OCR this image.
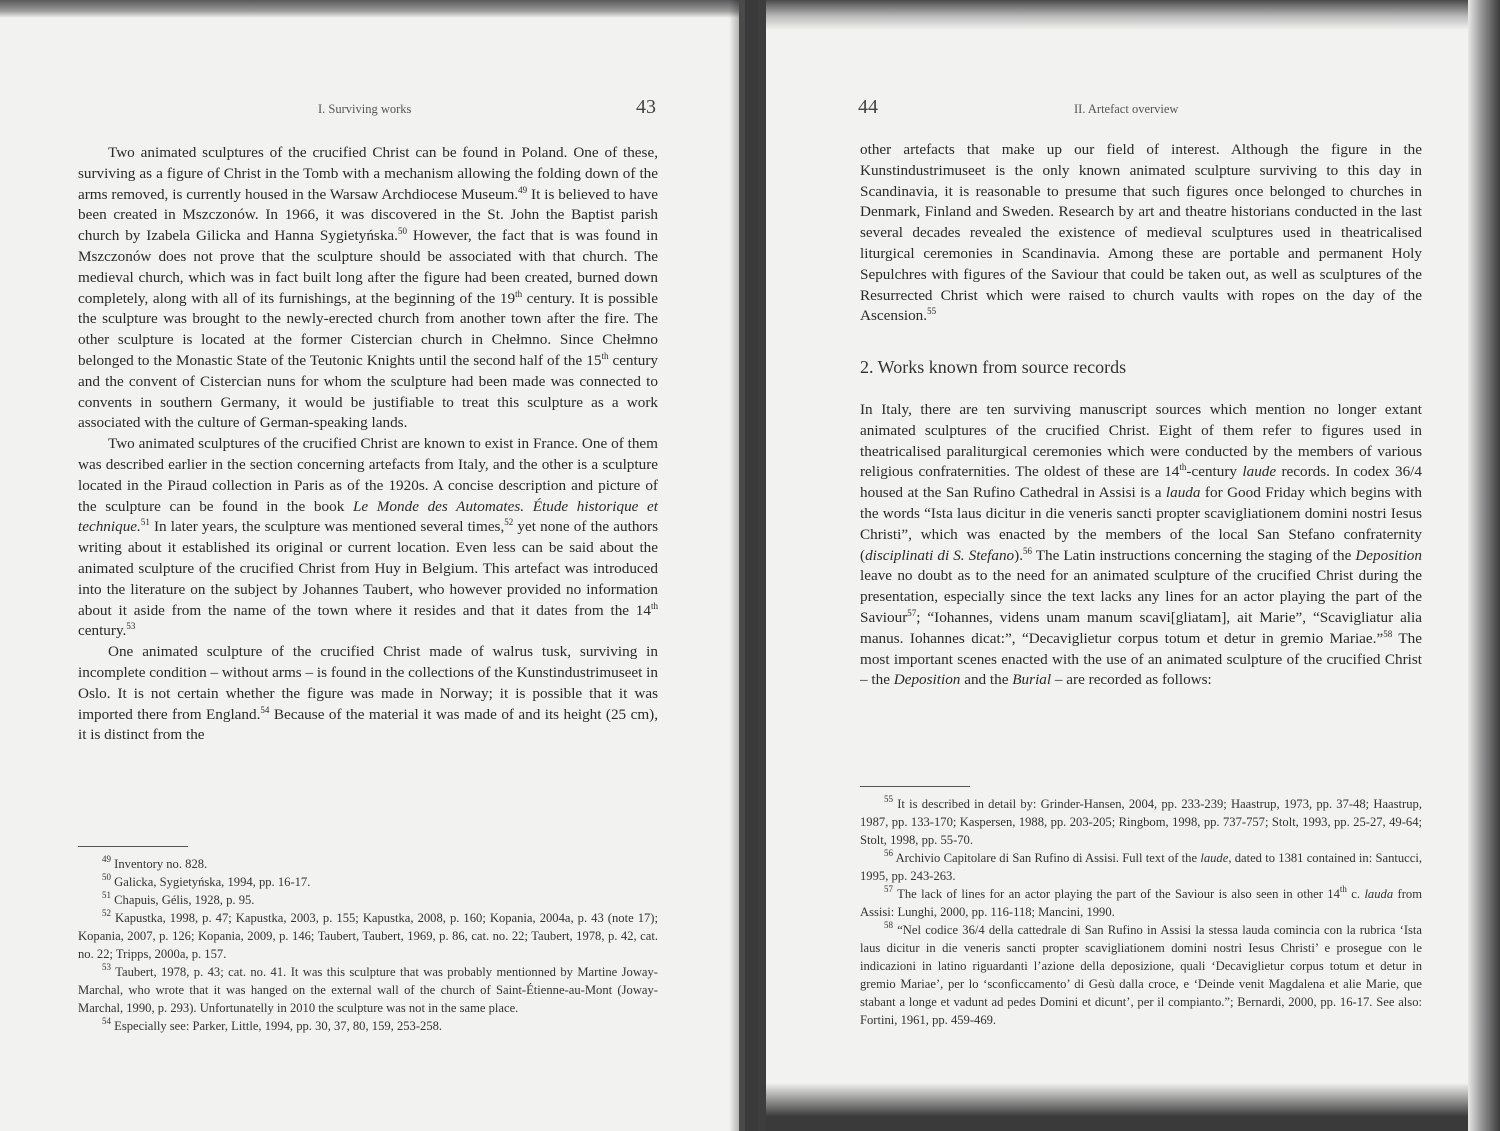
I. Surviving works	43

Two animated sculptures of the crucified Christ can be found in Poland. One of these, surviving as a figure of Christ in the Tomb with a mechanism allowing the folding down of the arms removed, is currently housed in the Warsaw Archdiocese Museum.$^{49}$ It is believed to have been created in Mszczonów. In 1966, it was discovered in the St. John the Baptist parish church by Izabela Gilicka and Hanna Sygietyńska.$^{50}$ However, the fact that is was found in Mszczonów does not prove that the sculpture should be associated with that church. The medieval church, which was in fact built long after the figure had been created, burned down completely, along with all of its furnishings, at the beginning of the 19th century. It is possible the sculpture was brought to the newly-erected church from another town after the fire. The other sculpture is located at the former Cistercian church in Chełmno. Since Chełmno belonged to the Monastic State of the Teutonic Knights until the second half of the 15th century and the convent of Cistercian nuns for whom the sculpture had been made was connected to convents in southern Germany, it would be justifiable to treat this sculpture as a work associated with the culture of German-speaking lands.

Two animated sculptures of the crucified Christ are known to exist in France. One of them was described earlier in the section concerning artefacts from Italy, and the other is a sculpture located in the Piraud collection in Paris as of the 1920s. A concise description and picture of the sculpture can be found in the book Le Monde des Automates. Étude historique et technique.$^{51}$ In later years, the sculpture was mentioned several times,$^{52}$ yet none of the authors writing about it established its original or current location. Even less can be said about the animated sculpture of the crucified Christ from Huy in Belgium. This artefact was introduced into the literature on the subject by Johannes Taubert, who however provided no information about it aside from the name of the town where it resides and that it dates from the 14th century.$^{53}$

One animated sculpture of the crucified Christ made of walrus tusk, surviving in incomplete condition – without arms – is found in the collections of the Kunstindustrimuseet in Oslo. It is not certain whether the figure was made in Norway; it is possible that it was imported there from England.$^{54}$ Because of the material it was made of and its height (25 cm), it is distinct from the

$^{49}$ Inventory no. 828.

$^{50}$ Galicka, Sygietyńska, 1994, pp. 16-17.

$^{51}$ Chapuis, Gélis, 1928, p. 95.

$^{52}$ Kapustka, 1998, p. 47; Kapustka, 2003, p. 155; Kapustka, 2008, p. 160; Kopania, 2004a, p. 43 (note 17); Kopania, 2007, p. 126; Kopania, 2009, p. 146; Taubert, Taubert, 1969, p. 86, cat. no. 22; Taubert, 1978, p. 42, cat. no. 22; Tripps, 2000a, p. 157.

$^{53}$ Taubert, 1978, p. 43; cat. no. 41. It was this sculpture that was probably mentionned by Martine Joway-Marchal, who wrote that it was hanged on the external wall of the church of Saint-Étienne-au-Mont (Joway-Marchal, 1990, p. 293). Unfortunatelly in 2010 the sculpture was not in the same place.

$^{54}$ Especially see: Parker, Little, 1994, pp. 30, 37, 80, 159, 253-258.

44	II. Artefact overview

other artefacts that make up our field of interest. Although the figure in the Kunstindustrimuseet is the only known animated sculpture surviving to this day in Scandinavia, it is reasonable to presume that such figures once belonged to churches in Denmark, Finland and Sweden. Research by art and theatre historians conducted in the last several decades revealed the existence of medieval sculptures used in theatricalised liturgical ceremonies in Scandinavia. Among these are portable and permanent Holy Sepulchres with figures of the Saviour that could be taken out, as well as sculptures of the Resurrected Christ which were raised to church vaults with ropes on the day of the Ascension.$^{55}$

2. Works known from source records

In Italy, there are ten surviving manuscript sources which mention no longer extant animated sculptures of the crucified Christ. Eight of them refer to figures used in theatricalised paraliturgical ceremonies which were conducted by the members of various religious confraternities. The oldest of these are 14th-century laude records. In codex 36/4 housed at the San Rufino Cathedral in Assisi is a lauda for Good Friday which begins with the words “Ista laus dicitur in die veneris sancti propter scavigliationem domini nostri Iesus Christi”, which was enacted by the members of the local San Stefano confraternity (disciplinati di S. Stefano).$^{56}$ The Latin instructions concerning the staging of the Deposition leave no doubt as to the need for an animated sculpture of the crucified Christ during the presentation, especially since the text lacks any lines for an actor playing the part of the Saviour$^{57}$; “Iohannes, videns unam manum scavi[gliatam], ait Marie”, “Scavigliatur alia manus. Iohannes dicat:”, “Decaviglietur corpus totum et detur in gremio Mariae.”$^{58}$ The most important scenes enacted with the use of an animated sculpture of the crucified Christ – the Deposition and the Burial – are recorded as follows:

$^{55}$ It is described in detail by: Grinder-Hansen, 2004, pp. 233-239; Haastrup, 1973, pp. 37-48; Haastrup, 1987, pp. 133-170; Kaspersen, 1988, pp. 203-205; Ringbom, 1998, pp. 737-757; Stolt, 1993, pp. 25-27, 49-64; Stolt, 1998, pp. 55-70.

$^{56}$ Archivio Capitolare di San Rufino di Assisi. Full text of the laude, dated to 1381 contained in: Santucci, 1995, pp. 243-263.

$^{57}$ The lack of lines for an actor playing the part of the Saviour is also seen in other 14th c. lauda from Assisi: Lunghi, 2000, pp. 116-118; Mancini, 1990.

$^{58}$ “Nel codice 36/4 della cattedrale di San Rufino in Assisi la stessa lauda comincia con la rubrica ‘Ista laus dicitur in die veneris sancti propter scavigliationem domini nostri Iesus Christi’ e prosegue con le indicazioni in latino riguardanti l’azione della deposizione, quali ‘Decaviglietur corpus totum et detur in gremio Mariae’, per lo ‘sconficcamento’ di Gesù dalla croce, e ‘Deinde venit Magdalena et alie Marie, que stabant a longe et vadunt ad pedes Domini et dicunt’, per il compianto.”; Bernardi, 2000, pp. 16-17. See also: Fortini, 1961, pp. 459-469.
